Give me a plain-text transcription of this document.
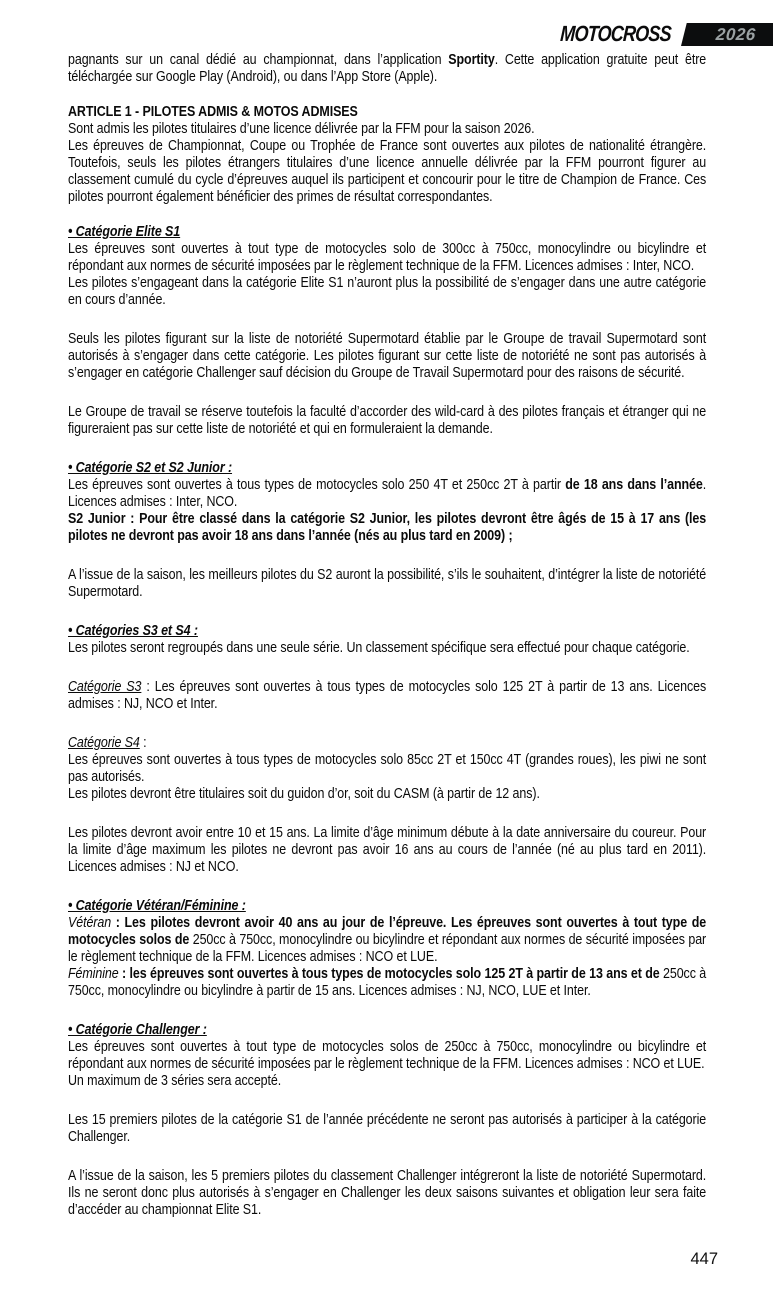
MOTOCROSS	2026

pagnants sur un canal dédié au championnat, dans l’application Sportity. Cette application gratuite peut être téléchargée sur Google Play (Android), ou dans l’App Store (Apple).

ARTICLE 1 - PILOTES ADMIS & MOTOS ADMISES

Sont admis les pilotes titulaires d’une licence délivrée par la FFM pour la saison 2026.

Les épreuves de Championnat, Coupe ou Trophée de France sont ouvertes aux pilotes de nationalité étrangère. Toutefois, seuls les pilotes étrangers titulaires d’une licence annuelle délivrée par la FFM pourront figurer au classement cumulé du cycle d’épreuves auquel ils participent et concourir pour le titre de Champion de France. Ces pilotes pourront également bénéficier des primes de résultat correspondantes.

• Catégorie Elite S1

Les épreuves sont ouvertes à tout type de motocycles solo de 300cc à 750cc, monocylindre ou bicylindre et répondant aux normes de sécurité imposées par le règlement technique de la FFM. Licences admises : Inter, NCO.

Les pilotes s’engageant dans la catégorie Elite S1 n’auront plus la possibilité de s’engager dans une autre catégorie en cours d’année.

Seuls les pilotes figurant sur la liste de notoriété Supermotard établie par le Groupe de travail Supermotard sont autorisés à s’engager dans cette catégorie. Les pilotes figurant sur cette liste de notoriété ne sont pas autorisés à s’engager en catégorie Challenger sauf décision du Groupe de Travail Supermotard pour des raisons de sécurité.

Le Groupe de travail se réserve toutefois la faculté d’accorder des wild-card à des pilotes français et étranger qui ne figureraient pas sur cette liste de notoriété et qui en formuleraient la demande.

• Catégorie S2 et S2 Junior :

Les épreuves sont ouvertes à tous types de motocycles solo 250 4T et 250cc 2T à partir de 18 ans dans l’année. Licences admises : Inter, NCO.

S2 Junior : Pour être classé dans la catégorie S2 Junior, les pilotes devront être âgés de 15 à 17 ans (les pilotes ne devront pas avoir 18 ans dans l’année (nés au plus tard en 2009) ;

A l’issue de la saison, les meilleurs pilotes du S2 auront la possibilité, s’ils le souhaitent, d’intégrer la liste de notoriété Supermotard.

• Catégories S3 et S4 :

Les pilotes seront regroupés dans une seule série. Un classement spécifique sera effectué pour chaque catégorie.

Catégorie S3 : Les épreuves sont ouvertes à tous types de motocycles solo 125 2T à partir de 13 ans. Licences admises : NJ, NCO et Inter.

Catégorie S4 :

Les épreuves sont ouvertes à tous types de motocycles solo 85cc 2T et 150cc 4T (grandes roues), les piwi ne sont pas autorisés.

Les pilotes devront être titulaires soit du guidon d’or, soit du CASM (à partir de 12 ans).

Les pilotes devront avoir entre 10 et 15 ans. La limite d’âge minimum débute à la date anniversaire du coureur. Pour la limite d’âge maximum les pilotes ne devront pas avoir 16 ans au cours de l’année (né au plus tard en 2011). Licences admises : NJ et NCO.

• Catégorie Vétéran/Féminine :

Vétéran : Les pilotes devront avoir 40 ans au jour de l’épreuve. Les épreuves sont ouvertes à tout type de motocycles solos de 250cc à 750cc, monocylindre ou bicylindre et répondant aux normes de sécurité imposées par le règlement technique de la FFM. Licences admises : NCO et LUE.

Féminine : les épreuves sont ouvertes à tous types de motocycles solo 125 2T à partir de 13 ans et de 250cc à 750cc, monocylindre ou bicylindre à partir de 15 ans. Licences admises : NJ, NCO, LUE et Inter.

• Catégorie Challenger :

Les épreuves sont ouvertes à tout type de motocycles solos de 250cc à 750cc, monocylindre ou bicylindre et répondant aux normes de sécurité imposées par le règlement technique de la FFM. Licences admises : NCO et LUE.

Un maximum de 3 séries sera accepté.

Les 15 premiers pilotes de la catégorie S1 de l’année précédente ne seront pas autorisés à participer à la catégorie Challenger.

A l’issue de la saison, les 5 premiers pilotes du classement Challenger intégreront la liste de notoriété Supermotard. Ils ne seront donc plus autorisés à s’engager en Challenger les deux saisons suivantes et obligation leur sera faite d’accéder au championnat Elite S1.

447
